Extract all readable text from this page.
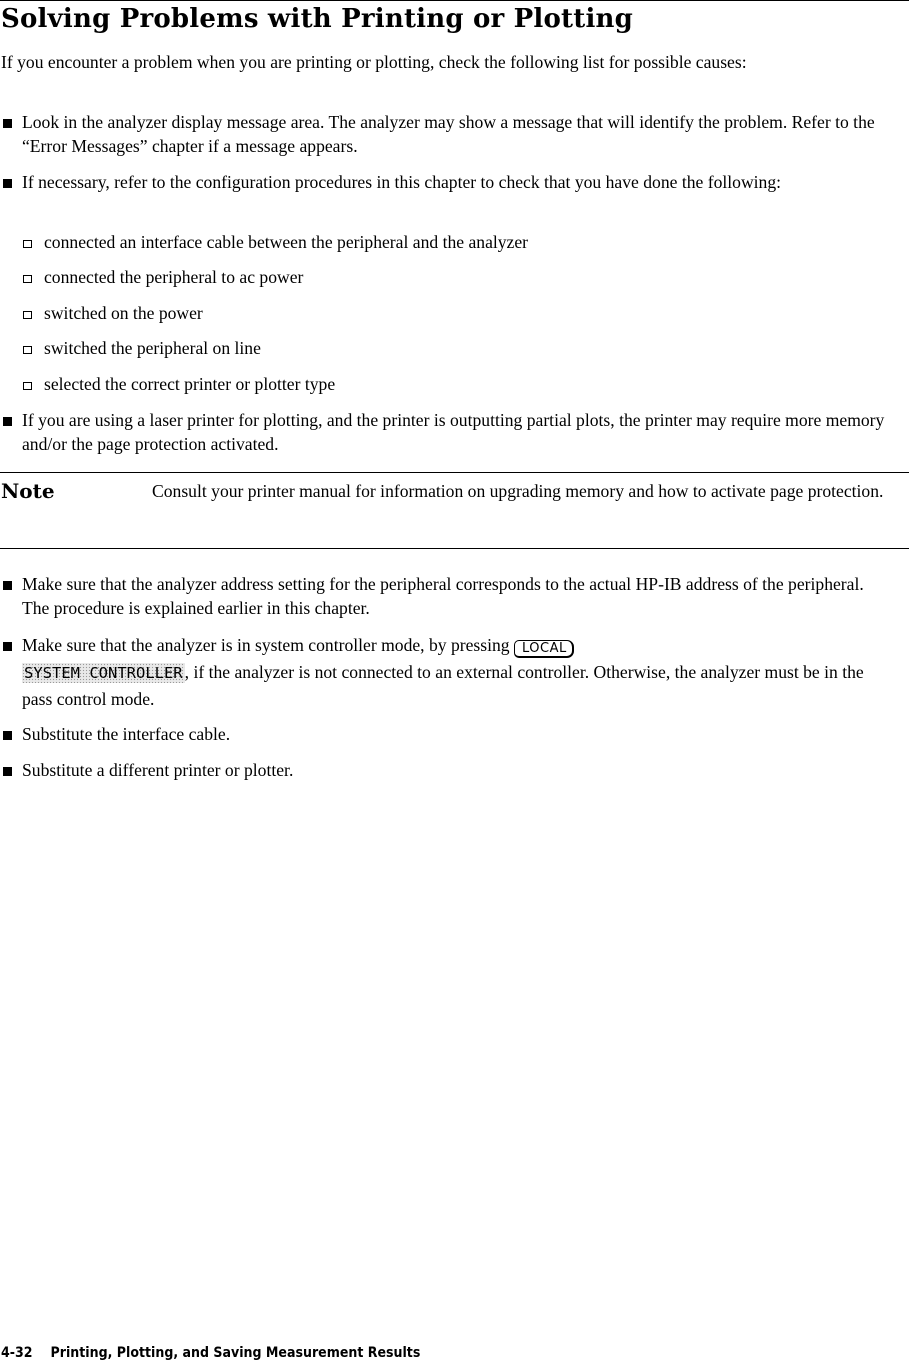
Solving Problems with Printing or Plotting

If you encounter a problem when you are printing or plotting, check the following list for possible causes:

Look in the analyzer display message area. The analyzer may show a message that will identify the problem. Refer to the “Error Messages” chapter if a message appears.

If necessary, refer to the configuration procedures in this chapter to check that you have done the following:

connected an interface cable between the peripheral and the analyzer

connected the peripheral to ac power

switched on the power

switched the peripheral on line

selected the correct printer or plotter type

If you are using a laser printer for plotting, and the printer is outputting partial plots, the printer may require more memory and/or the page protection activated.

Note	Consult your printer manual for information on upgrading memory and how to activate page protection.

Make sure that the analyzer address setting for the peripheral corresponds to the actual HP-IB address of the peripheral. The procedure is explained earlier in this chapter.

Make sure that the analyzer is in system controller mode, by pressing LOCAL
SYSTEM CONTROLLER , if the analyzer is not connected to an external controller. Otherwise, the analyzer must be in the pass control mode.

Substitute the interface cable.

Substitute a different printer or plotter.

4-32 Printing, Plotting, and Saving Measurement Results
